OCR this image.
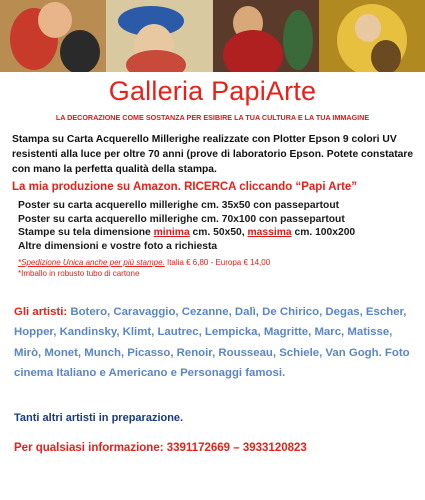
Galleria PapiArte
LA DECORAZIONE COME SOSTANZA PER ESIBIRE LA TUA CULTURA E LA TUA IMMAGINE
Stampa su Carta Acquerello Millerighe realizzate con Plotter Epson 9 colori UV resistenti alla luce per oltre 70 anni (prove di laboratorio Epson. Potete constatare con mano la perfetta qualità della stampa.
La mia produzione su Amazon. RICERCA cliccando “Papi Arte”
Poster su carta acquerello millerighe cm. 35x50 con passepartout
Poster su carta acquerello millerighe cm. 70x100 con passepartout
Stampe su tela dimensione minima cm. 50x50, massima cm. 100x200
Altre dimensioni e vostre foto a richiesta
*Spedizione Unica anche per più stampe. Italia € 6,80 - Europa € 14,00
*Imballo in robusto tubo di cartone
Gli artisti: Botero, Caravaggio, Cezanne, Dalì, De Chirico, Degas, Escher, Hopper, Kandinsky, Klimt, Lautrec, Lempicka, Magritte, Marc, Matisse, Mirò, Monet, Munch, Picasso, Renoir, Rousseau, Schiele, Van Gogh. Foto cinema Italiano e Americano e Personaggi famosi.
Tanti altri artisti in preparazione.
Per qualsiasi informazione: 3391172669 – 3933120823
